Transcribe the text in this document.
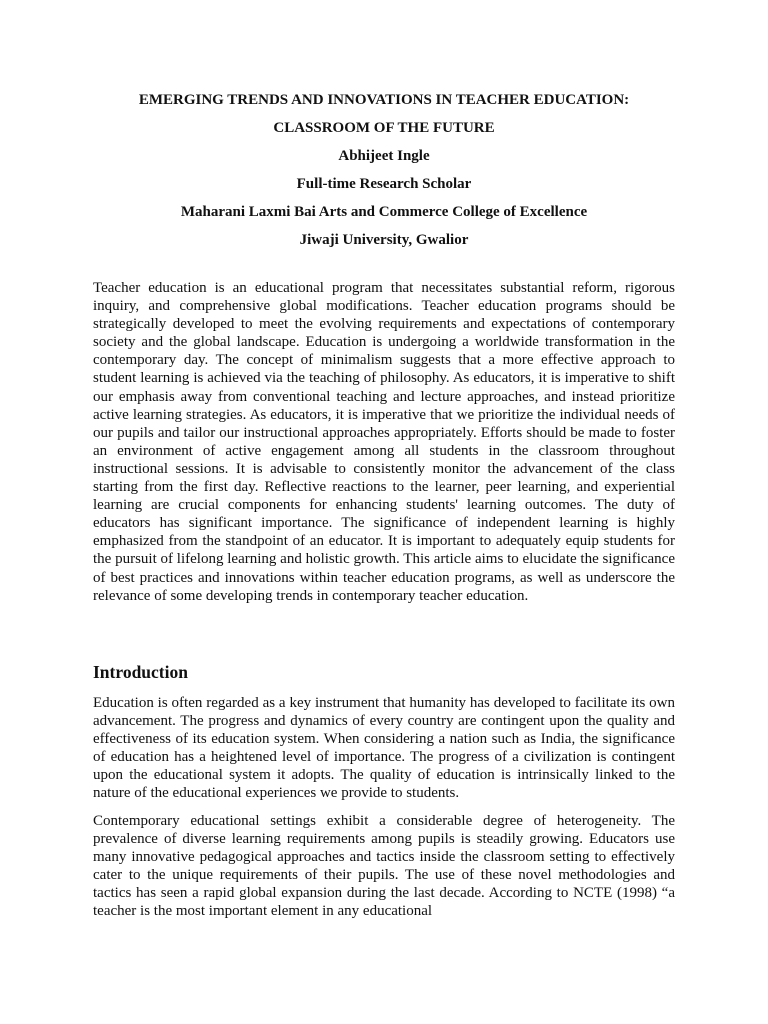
EMERGING TRENDS AND INNOVATIONS IN TEACHER EDUCATION:
CLASSROOM OF THE FUTURE
Abhijeet Ingle
Full-time Research Scholar
Maharani Laxmi Bai Arts and Commerce College of Excellence
Jiwaji University, Gwalior

Teacher education is an educational program that necessitates substantial reform, rigorous inquiry, and comprehensive global modifications. Teacher education programs should be strategically developed to meet the evolving requirements and expectations of contemporary society and the global landscape. Education is undergoing a worldwide transformation in the contemporary day. The concept of minimalism suggests that a more effective approach to student learning is achieved via the teaching of philosophy. As educators, it is imperative to shift our emphasis away from conventional teaching and lecture approaches, and instead prioritize active learning strategies. As educators, it is imperative that we prioritize the individual needs of our pupils and tailor our instructional approaches appropriately. Efforts should be made to foster an environment of active engagement among all students in the classroom throughout instructional sessions. It is advisable to consistently monitor the advancement of the class starting from the first day. Reflective reactions to the learner, peer learning, and experiential learning are crucial components for enhancing students' learning outcomes. The duty of educators has significant importance. The significance of independent learning is highly emphasized from the standpoint of an educator. It is important to adequately equip students for the pursuit of lifelong learning and holistic growth. This article aims to elucidate the significance of best practices and innovations within teacher education programs, as well as underscore the relevance of some developing trends in contemporary teacher education.

Introduction

Education is often regarded as a key instrument that humanity has developed to facilitate its own advancement. The progress and dynamics of every country are contingent upon the quality and effectiveness of its education system. When considering a nation such as India, the significance of education has a heightened level of importance. The progress of a civilization is contingent upon the educational system it adopts. The quality of education is intrinsically linked to the nature of the educational experiences we provide to students.

Contemporary educational settings exhibit a considerable degree of heterogeneity. The prevalence of diverse learning requirements among pupils is steadily growing. Educators use many innovative pedagogical approaches and tactics inside the classroom setting to effectively cater to the unique requirements of their pupils. The use of these novel methodologies and tactics has seen a rapid global expansion during the last decade. According to NCTE (1998) “a teacher is the most important element in any educational
